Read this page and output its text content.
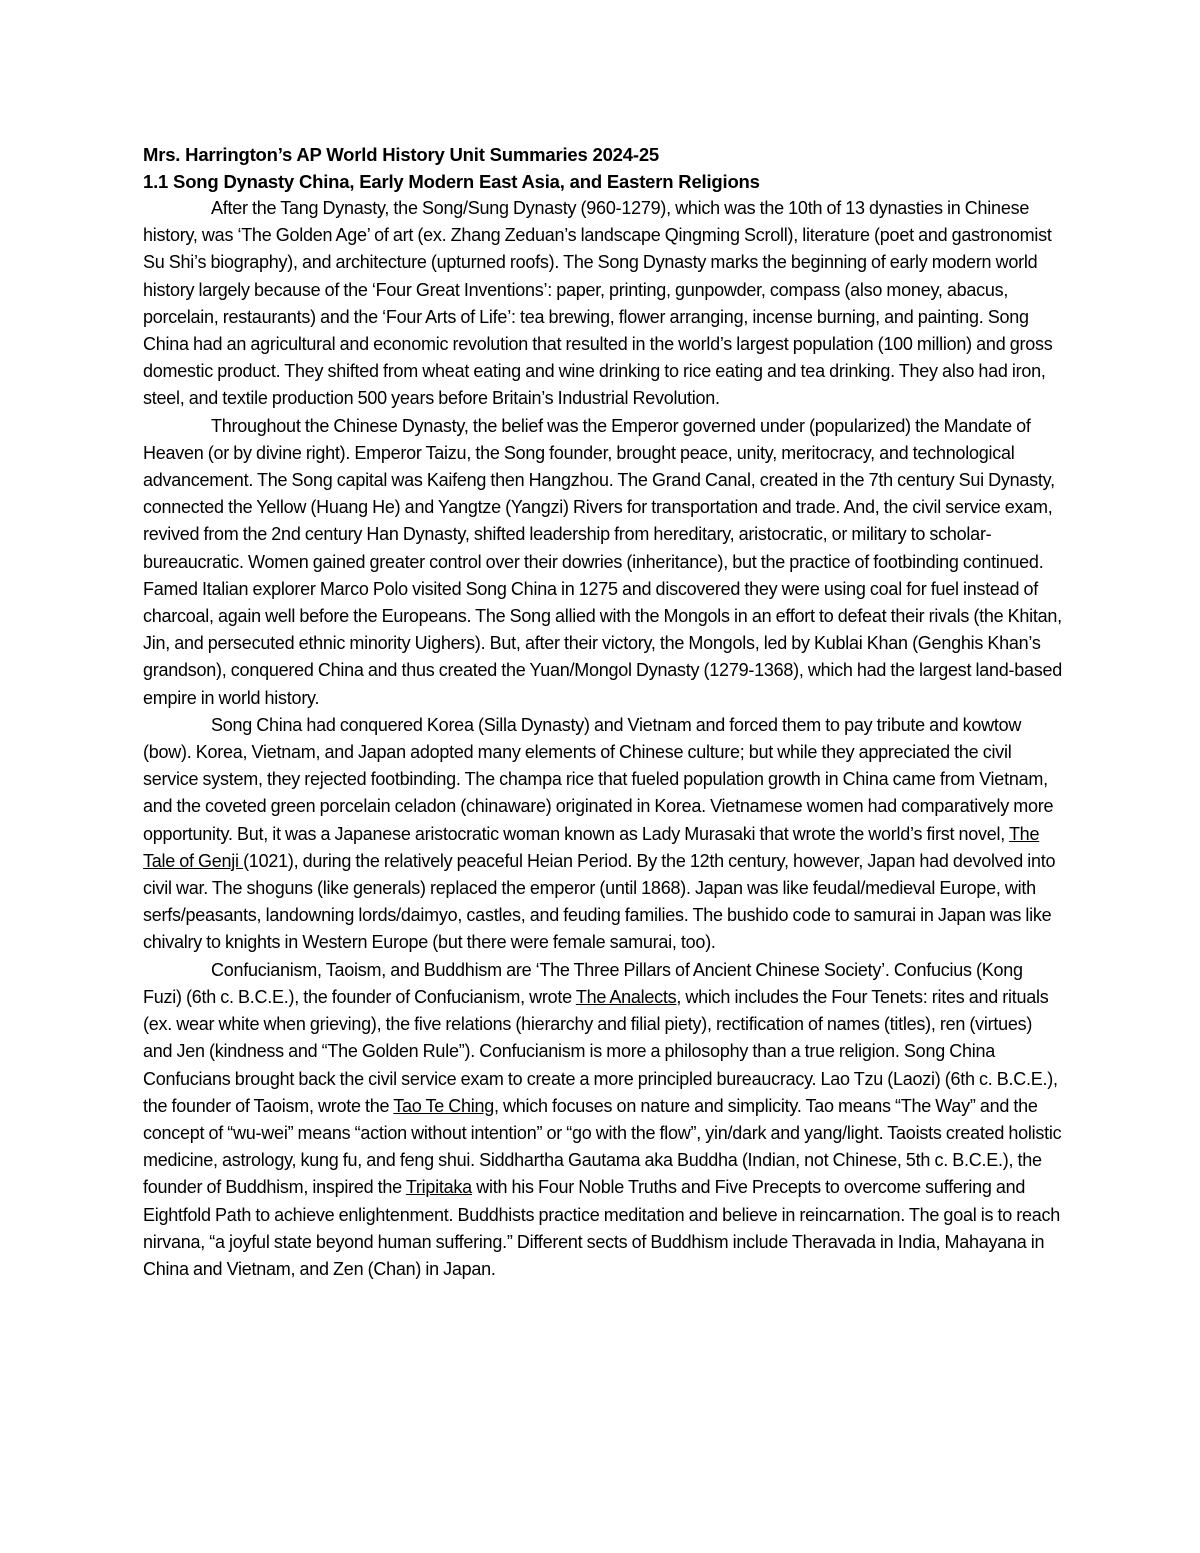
Mrs. Harrington’s AP World History Unit Summaries 2024-25

1.1 Song Dynasty China, Early Modern East Asia, and Eastern Religions

After the Tang Dynasty, the Song/Sung Dynasty (960-1279), which was the 10th of 13 dynasties in Chinese history, was ‘The Golden Age’ of art (ex. Zhang Zeduan’s landscape Qingming Scroll), literature (poet and gastronomist Su Shi’s biography), and architecture (upturned roofs). The Song Dynasty marks the beginning of early modern world history largely because of the ‘Four Great Inventions’: paper, printing, gunpowder, compass (also money, abacus, porcelain, restaurants) and the ‘Four Arts of Life’: tea brewing, flower arranging, incense burning, and painting. Song China had an agricultural and economic revolution that resulted in the world’s largest population (100 million) and gross domestic product. They shifted from wheat eating and wine drinking to rice eating and tea drinking. They also had iron, steel, and textile production 500 years before Britain’s Industrial Revolution.

Throughout the Chinese Dynasty, the belief was the Emperor governed under (popularized) the Mandate of Heaven (or by divine right). Emperor Taizu, the Song founder, brought peace, unity, meritocracy, and technological advancement. The Song capital was Kaifeng then Hangzhou. The Grand Canal, created in the 7th century Sui Dynasty, connected the Yellow (Huang He) and Yangtze (Yangzi) Rivers for transportation and trade. And, the civil service exam, revived from the 2nd century Han Dynasty, shifted leadership from hereditary, aristocratic, or military to scholar-bureaucratic. Women gained greater control over their dowries (inheritance), but the practice of footbinding continued. Famed Italian explorer Marco Polo visited Song China in 1275 and discovered they were using coal for fuel instead of charcoal, again well before the Europeans. The Song allied with the Mongols in an effort to defeat their rivals (the Khitan, Jin, and persecuted ethnic minority Uighers). But, after their victory, the Mongols, led by Kublai Khan (Genghis Khan’s grandson), conquered China and thus created the Yuan/Mongol Dynasty (1279-1368), which had the largest land-based empire in world history.

Song China had conquered Korea (Silla Dynasty) and Vietnam and forced them to pay tribute and kowtow (bow). Korea, Vietnam, and Japan adopted many elements of Chinese culture; but while they appreciated the civil service system, they rejected footbinding. The champa rice that fueled population growth in China came from Vietnam, and the coveted green porcelain celadon (chinaware) originated in Korea. Vietnamese women had comparatively more opportunity. But, it was a Japanese aristocratic woman known as Lady Murasaki that wrote the world’s first novel, The Tale of Genji (1021), during the relatively peaceful Heian Period. By the 12th century, however, Japan had devolved into civil war. The shoguns (like generals) replaced the emperor (until 1868). Japan was like feudal/medieval Europe, with serfs/peasants, landowning lords/daimyo, castles, and feuding families. The bushido code to samurai in Japan was like chivalry to knights in Western Europe (but there were female samurai, too).

Confucianism, Taoism, and Buddhism are ‘The Three Pillars of Ancient Chinese Society’. Confucius (Kong Fuzi) (6th c. B.C.E.), the founder of Confucianism, wrote The Analects, which includes the Four Tenets: rites and rituals (ex. wear white when grieving), the five relations (hierarchy and filial piety), rectification of names (titles), ren (virtues) and Jen (kindness and “The Golden Rule”). Confucianism is more a philosophy than a true religion. Song China Confucians brought back the civil service exam to create a more principled bureaucracy. Lao Tzu (Laozi) (6th c. B.C.E.), the founder of Taoism, wrote the Tao Te Ching, which focuses on nature and simplicity. Tao means “The Way” and the concept of “wu-wei” means “action without intention” or “go with the flow”, yin/dark and yang/light. Taoists created holistic medicine, astrology, kung fu, and feng shui. Siddhartha Gautama aka Buddha (Indian, not Chinese, 5th c. B.C.E.), the founder of Buddhism, inspired the Tripitaka with his Four Noble Truths and Five Precepts to overcome suffering and Eightfold Path to achieve enlightenment. Buddhists practice meditation and believe in reincarnation. The goal is to reach nirvana, “a joyful state beyond human suffering.” Different sects of Buddhism include Theravada in India, Mahayana in China and Vietnam, and Zen (Chan) in Japan.
